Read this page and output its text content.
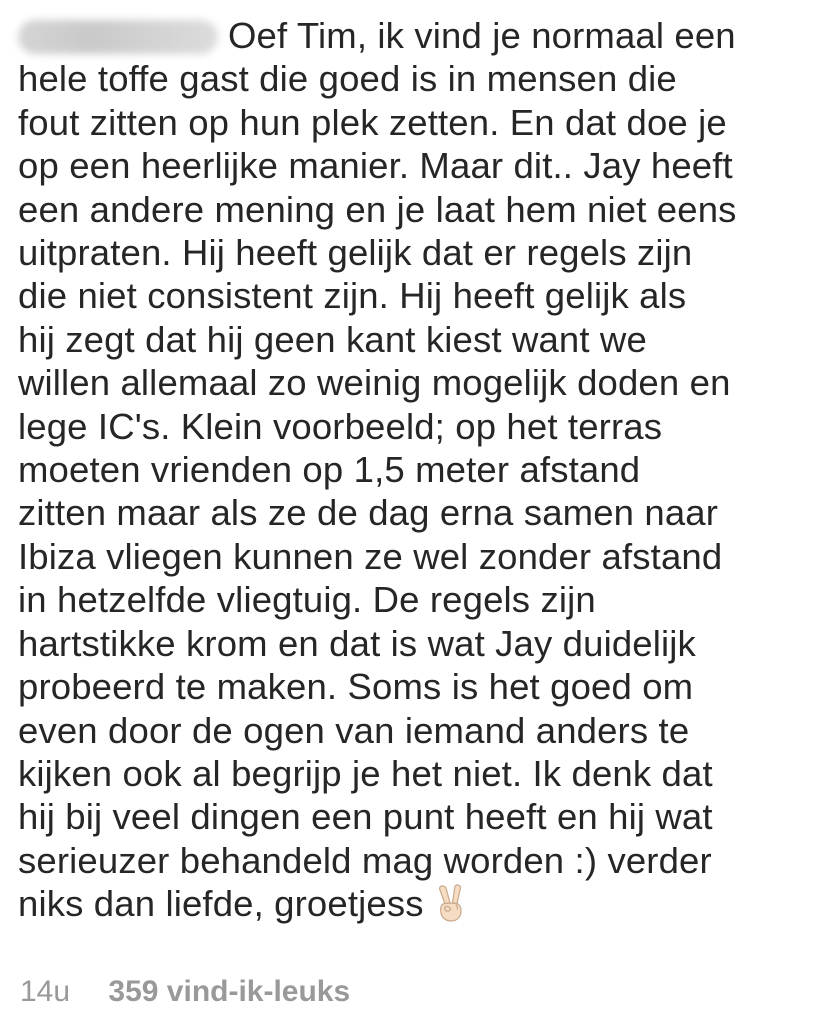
Oef Tim, ik vind je normaal een
hele toffe gast die goed is in mensen die
fout zitten op hun plek zetten. En dat doe je
op een heerlijke manier. Maar dit.. Jay heeft
een andere mening en je laat hem niet eens
uitpraten. Hij heeft gelijk dat er regels zijn
die niet consistent zijn. Hij heeft gelijk als
hij zegt dat hij geen kant kiest want we
willen allemaal zo weinig mogelijk doden en
lege IC's. Klein voorbeeld; op het terras
moeten vrienden op 1,5 meter afstand
zitten maar als ze de dag erna samen naar
Ibiza vliegen kunnen ze wel zonder afstand
in hetzelfde vliegtuig. De regels zijn
hartstikke krom en dat is wat Jay duidelijk
probeerd te maken. Soms is het goed om
even door de ogen van iemand anders te
kijken ook al begrijp je het niet. Ik denk dat
hij bij veel dingen een punt heeft en hij wat
serieuzer behandeld mag worden :) verder
niks dan liefde, groetjess

14u 359 vind-ik-leuks
